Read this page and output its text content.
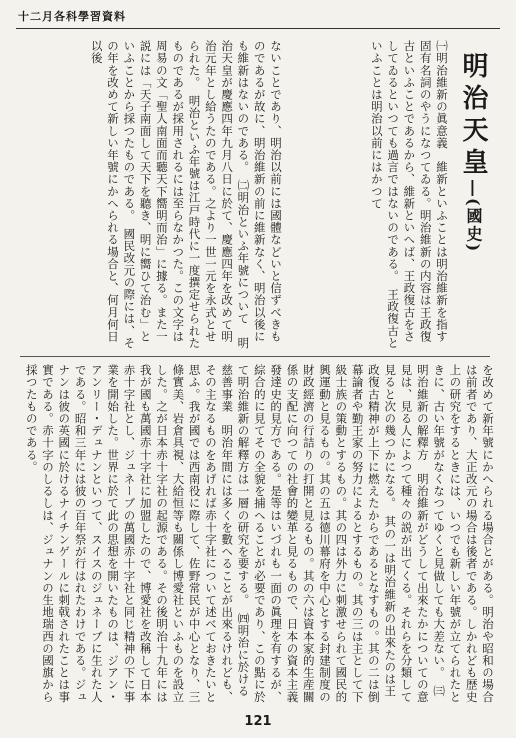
十二月各科學習資料
明治天皇―(國史)
㈠明治維新の眞意義　維新といふことは明治維新を指す固有名詞のやうになつてゐる。明治維新の内容は王政復古といふことであるから、維新といへば、王政復古をさしてゐるといつても過言ではないのである。　王政復古といふことは明治以前にはかつて
ないことであり、明治以前には國體などいと信ずべきものであるが故に、明治維新の前に維新なく、明治以後にも維新はないのである。　㈡明治といふ年號について　明治天皇が慶應四年九月八日に於て、慶應四年を改めて明治元年とし給うたのである。之より一世一元を永式とせられた。　明治といふ年號は江戸時代に一度撰定せられたものであるが採用されるには至らなかつた。この文字は周易の文「聖人南面而聽天下嚮明而治」に據る。また一説には「天子南面して天下を聽き、明に嚮ひて治む」といふことから採つたものである。　國民改元の際には、その年を改めて新しい年號にかへられる場合と、何月何日以後
を改めて新年號にかへられる場合とがある。明治や昭和の場合は前者であり、大正改元の場合は後者である。しかれども歴史上の研究をするときには、いつでも新しい年號が立てられたときに、古い年號がなくなつてゆくと見做しても大差ない。　㈢明治維新の解釋方　明治維新がどうして出來たかについての意見は、見る人によつて種々の説が出てくる。それらを分類して見ると次の幾つかになる。　其の一は明治維新の出來たのは王政復古精神が上下に燃えたからであるとなすもの。其の二は倒幕論者や勤王家の努力によるとするもの。其の三は主として下級士族の策動とするもの。其の四は外力に刺激せられて國民的興運動と見るもの。其の五は德川幕府を中心とする封建制度の財政經濟の行詰りの打開と見るもの。其の六は資本家的生産關係の支配に向つての社會的變革と見るもので、日本の資本主義發達史的見方である。是等はいづれも一面の眞理を有するが、綜合的に見てその全貌を捕へることが必要であり、この點に於て明治維新の解釋方は一層の研究を要する。　㈣明治に於ける慈善事業　明治年間には多くを數へることが出來るけれども、その主なるものをあげれば赤十字社について述べておきたいと思ふ。我が國では西南役に際して、佐野常民が中心となり、三條實美、岩倉具視、大給恒等も關係し博愛社といふものを設立した。之が日本赤十字社の起源である。その後明治十九年には我が國も萬國赤十字社に加盟したので、博愛社を改稱して日本赤十字社とし、ジュネーブの萬國赤十字社と同じ精神の下に事業を開始した。世界に於て此の思想を開いたものは、ジアン・アンリー・デュナンといつて、スイスのジュネーブに生れた人である。昭和三年には彼の百年祭が行はれたわけである。ジュナンは彼の英國に於けるナイチンゲールに刺戟されたことは事實である。赤十字のしるしは、ジュナンの生地瑞西の國旗から採つたものである。
121
